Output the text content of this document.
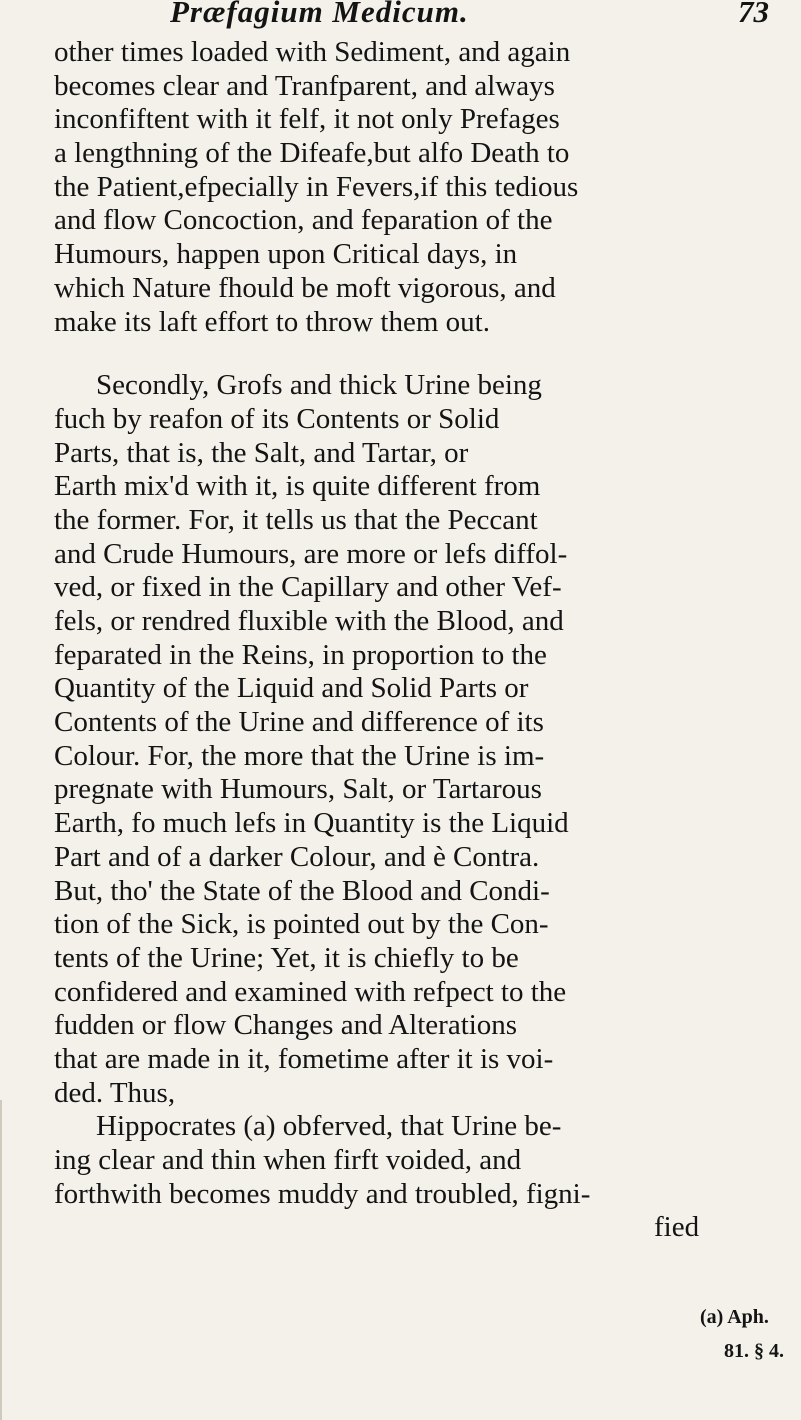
Præfagium Medicum.	73
other times loaded with Sediment, and again
becomes clear and Tranfparent, and always
inconfiftent with it felf, it not only Prefages
a lengthning of the Difeafe,but alfo Death to
the Patient,efpecially in Fevers,if this tedious
and flow Concoction, and feparation of the
Humours, happen upon Critical days, in
which Nature fhould be moft vigorous, and
make its laft effort to throw them out.
Secondly, Grofs and thick Urine being
fuch by reafon of its Contents or Solid
Parts, that is, the Salt, and Tartar, or
Earth mix'd with it, is quite different from
the former. For, it tells us that the Peccant
and Crude Humours, are more or lefs diffol-
ved, or fixed in the Capillary and other Vef-
fels, or rendred fluxible with the Blood, and
feparated in the Reins, in proportion to the
Quantity of the Liquid and Solid Parts or
Contents of the Urine and difference of its
Colour. For, the more that the Urine is im-
pregnate with Humours, Salt, or Tartarous
Earth, fo much lefs in Quantity is the Liquid
Part and of a darker Colour, and è Contra.
But, tho' the State of the Blood and Condi-
tion of the Sick, is pointed out by the Con-
tents of the Urine; Yet, it is chiefly to be
confidered and examined with refpect to the
fudden or flow Changes and Alterations
that are made in it, fometime after it is voi-
ded. Thus,
Hippocrates (a) obferved, that Urine be-
ing clear and thin when firft voided, and
forthwith becomes muddy and troubled, figni-
fied
(a) Aph.
81. § 4.
